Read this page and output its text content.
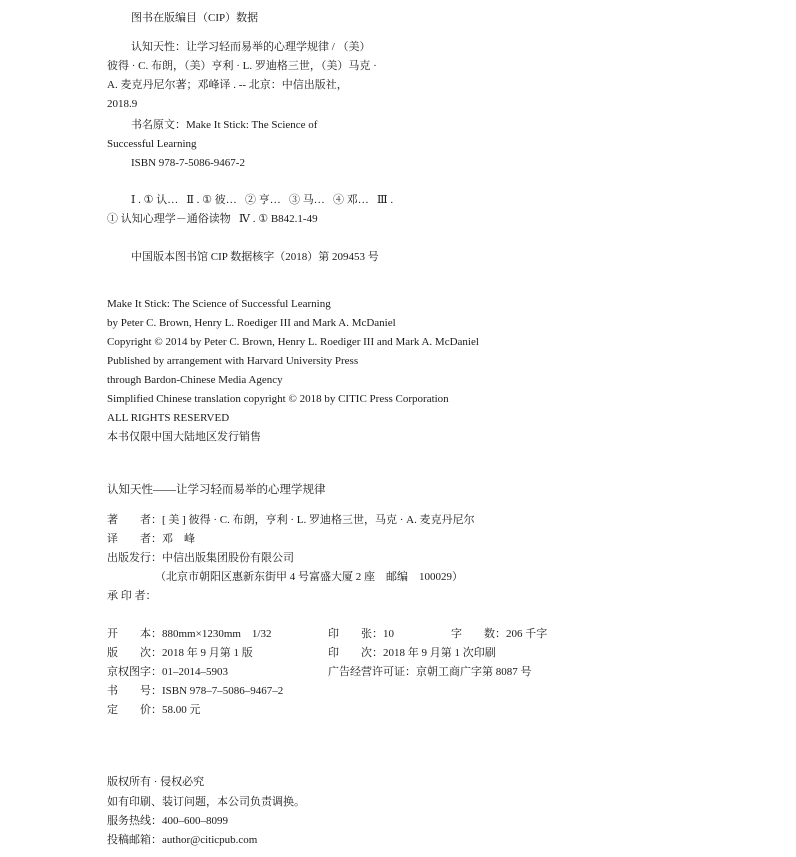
图书在版编目（CIP）数据
认知天性：让学习轻而易举的心理学规律 / （美）
彼得 · C. 布朗，（美）亨利 · L. 罗迪格三世，（美）马克 ·
A. 麦克丹尼尔著；邓峰译 . -- 北京：中信出版社，
2018.9
书名原文：Make It Stick: The Science of
Successful Learning
ISBN 978-7-5086-9467-2
Ⅰ . ① 认…   Ⅱ . ① 彼…   ② 亨…   ③ 马…   ④ 邓…   Ⅲ .
① 认知心理学－通俗读物   Ⅳ . ① B842.1-49
中国版本图书馆 CIP 数据核字（2018）第 209453 号
Make It Stick: The Science of Successful Learning
by Peter C. Brown, Henry L. Roediger III and Mark A. McDaniel
Copyright © 2014 by Peter C. Brown, Henry L. Roediger III and Mark A. McDaniel
Published by arrangement with Harvard University Press
through Bardon-Chinese Media Agency
Simplified Chinese translation copyright © 2018 by CITIC Press Corporation
ALL RIGHTS RESERVED
本书仅限中国大陆地区发行销售
认知天性——让学习轻而易举的心理学规律
著　　者：[ 美 ] 彼得 · C. 布朗，亨利 · L. 罗迪格三世，马克 · A. 麦克丹尼尔
译　　者：邓　峰
出版发行：中信出版集团股份有限公司
（北京市朝阳区惠新东街甲 4 号富盛大厦 2 座　邮编　100029）
承 印 者：
开　　本：880mm×1230mm　1/32	印　　张：10	字　　数：206 千字
版　　次：2018 年 9 月第 1 版	印　　次：2018 年 9 月第 1 次印刷
京权图字：01–2014–5903	广告经营许可证：京朝工商广字第 8087 号
书　　号：ISBN 978–7–5086–9467–2
定　　价：58.00 元
版权所有 · 侵权必究
如有印刷、装订问题，本公司负责调换。
服务热线：400–600–8099
投稿邮箱：author@citicpub.com
